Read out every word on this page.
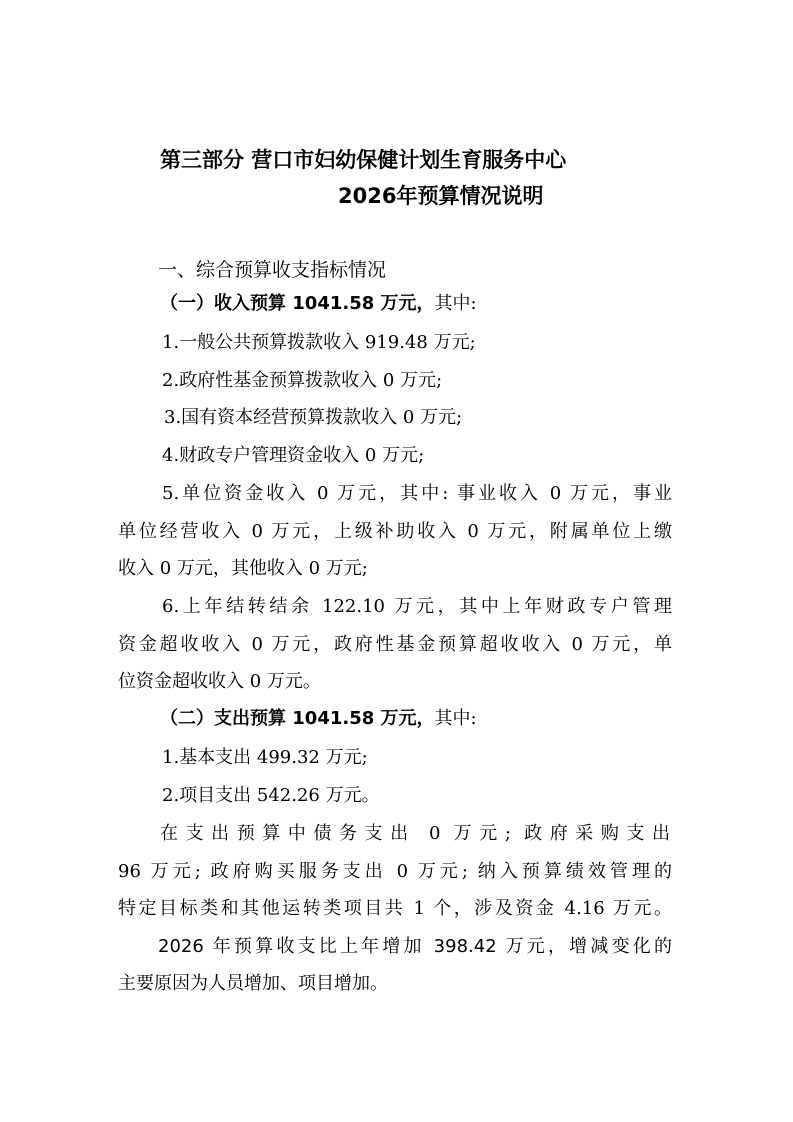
第三部分 营口市妇幼保健计划生育服务中心
2026年预算情况说明
一、综合预算收支指标情况
（一）收入预算 1041.58 万元，其中:
1.一般公共预算拨款收入 919.48 万元;
2.政府性基金预算拨款收入 0 万元;
3.国有资本经营预算拨款收入 0 万元;
4.财政专户管理资金收入 0 万元;
5.单位资金收入 0 万元，其中: 事业收入 0 万元，事业
单位经营收入 0 万元，上级补助收入 0 万元，附属单位上缴
收入 0 万元，其他收入 0 万元;
6.上年结转结余 122.10 万元，其中上年财政专户管理
资金超收收入 0 万元，政府性基金预算超收收入 0 万元，单
位资金超收收入 0 万元。
（二）支出预算 1041.58 万元，其中:
1.基本支出 499.32 万元;
2.项目支出 542.26 万元。
在支出预算中债务支出 0 万元; 政府采购支出
96 万元; 政府购买服务支出 0 万元; 纳入预算绩效管理的
特定目标类和其他运转类项目共 1 个，涉及资金 4.16 万元。
2026 年预算收支比上年增加 398.42 万元，增减变化的
主要原因为人员增加、项目增加。
